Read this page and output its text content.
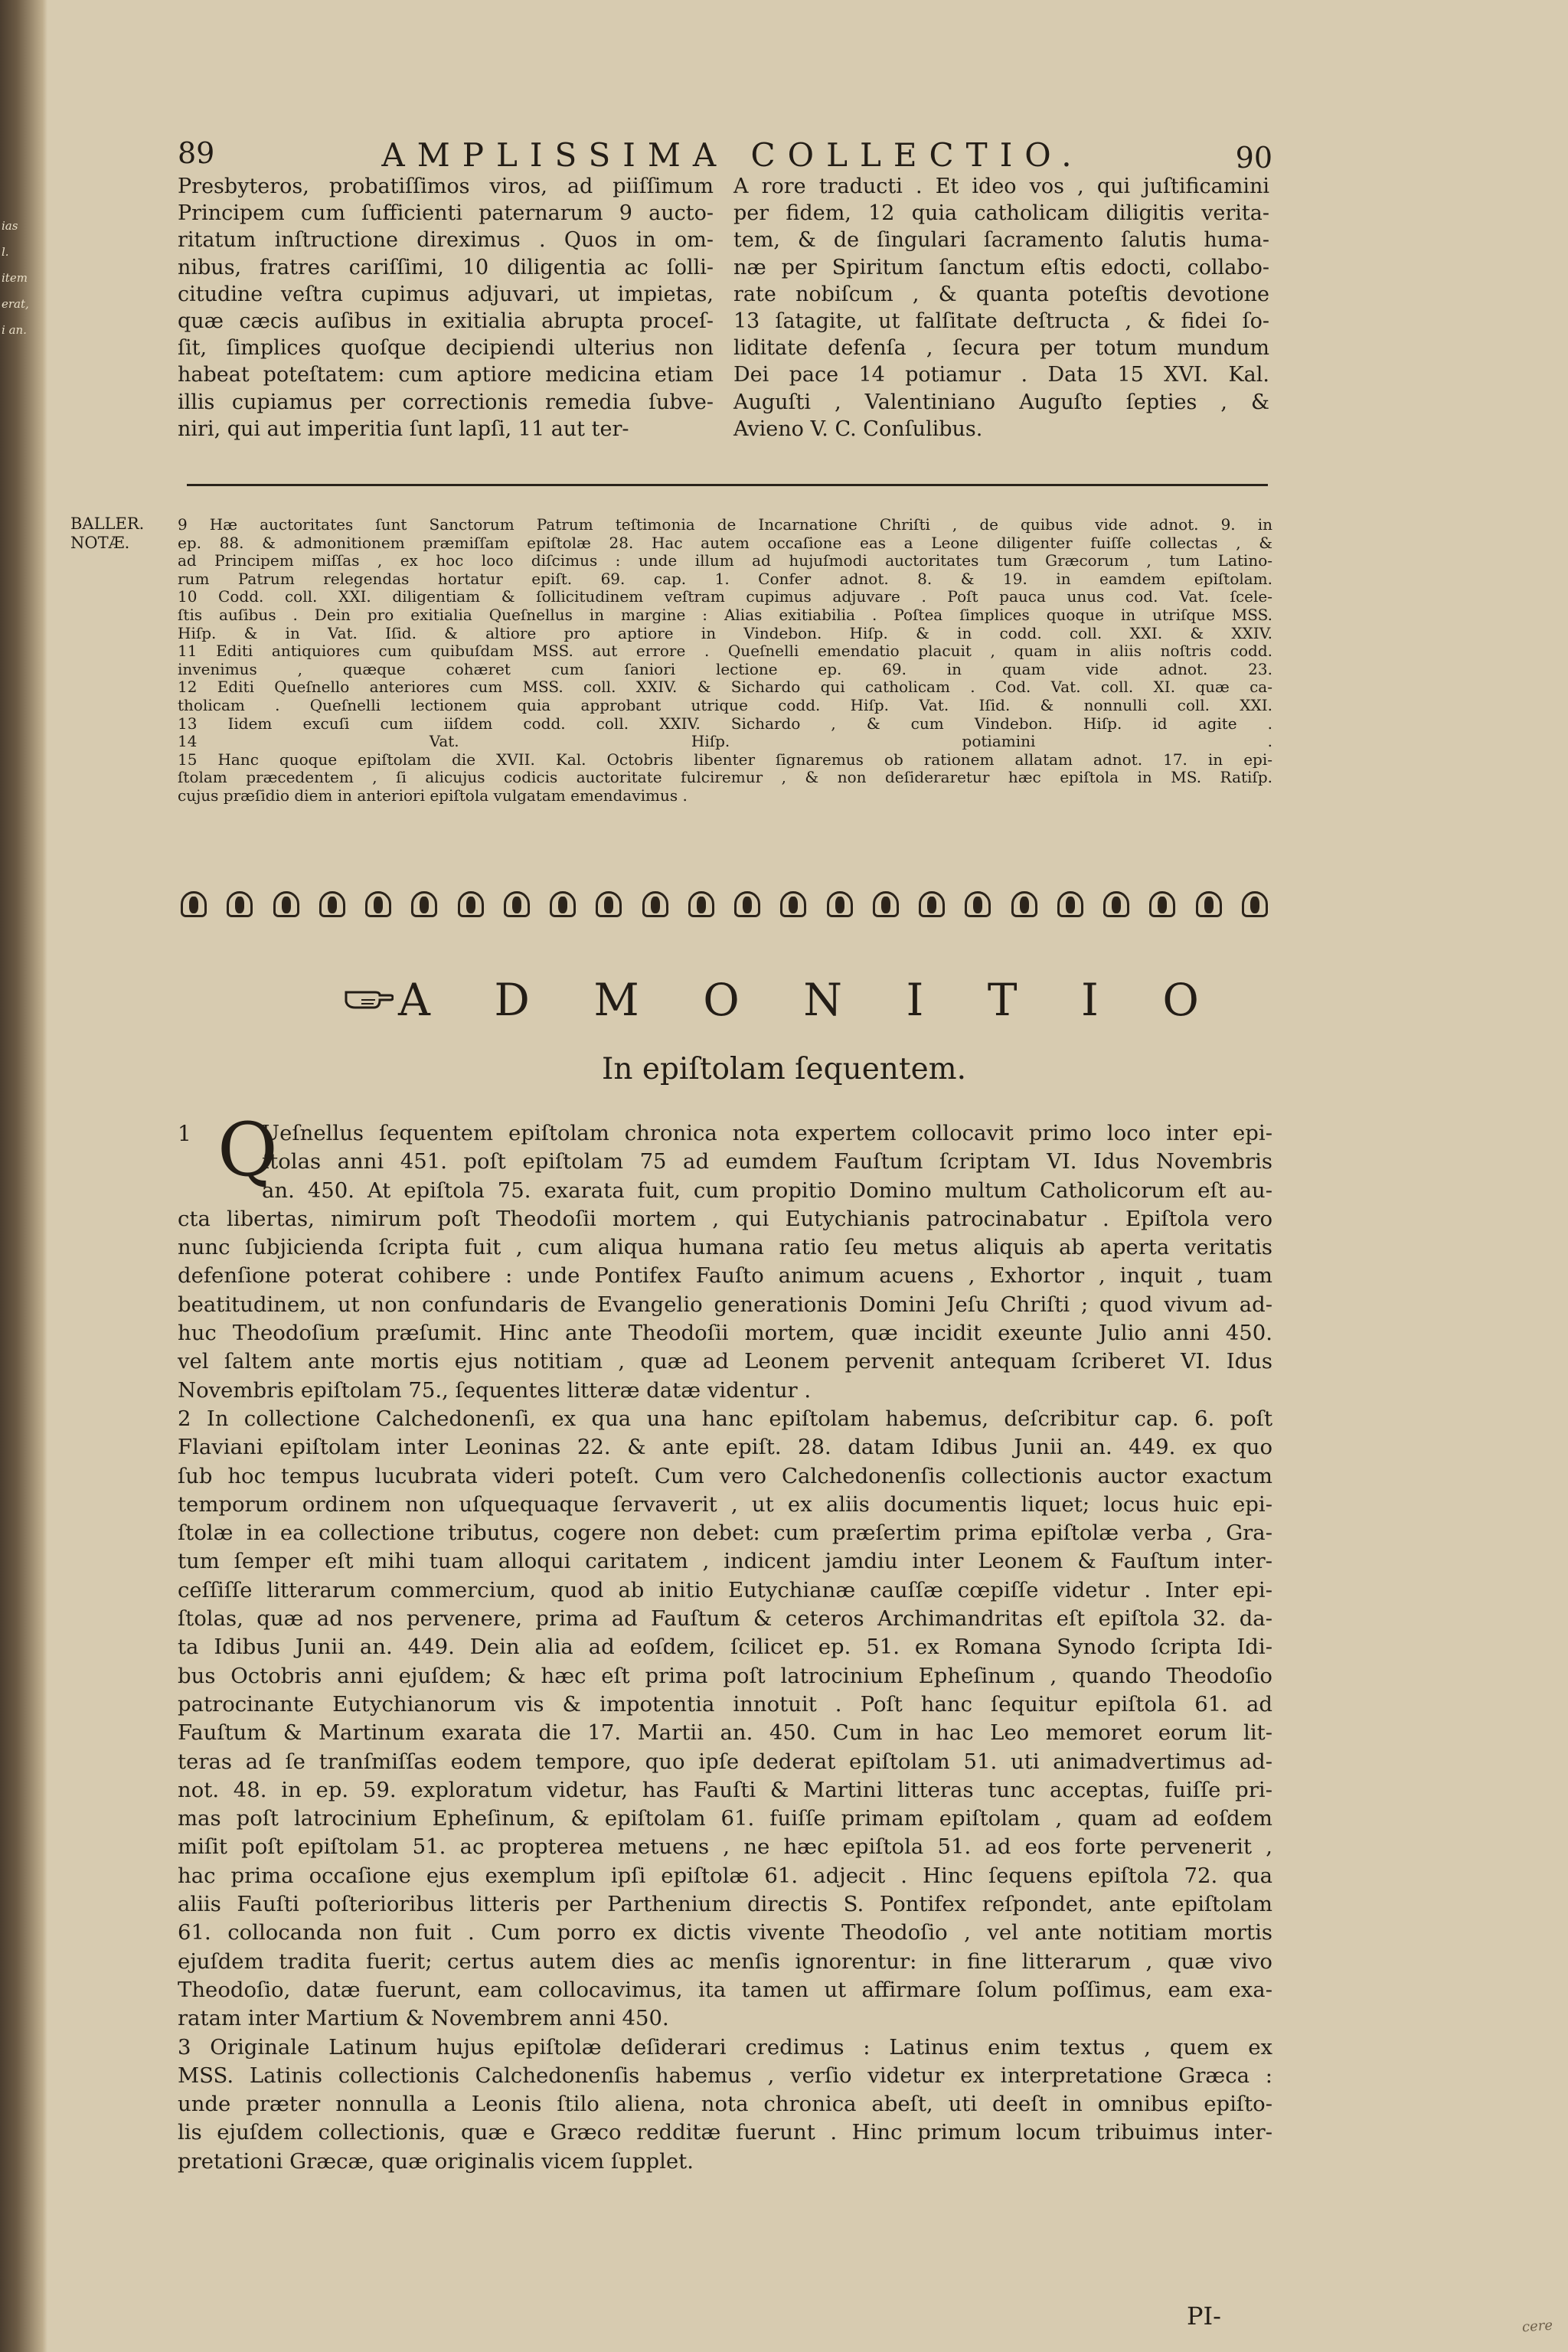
ias
l.
item
erat,
i an.
cere
89	AMPLISSIMA COLLECTIO.	90
Presbyteros, probatiſſimos viros, ad piiſſimum
Principem cum ſufficienti paternarum 9 aucto-
ritatum inſtructione direximus . Quos in om-
nibus, fratres cariſſimi, 10 diligentia ac ſolli-
citudine veſtra cupimus adjuvari, ut impietas,
quæ cæcis auſibus in exitialia abrupta proceſ-
ſit, ſimplices quoſque decipiendi ulterius non
habeat poteſtatem: cum aptiore medicina etiam
illis cupiamus per correctionis remedia ſubve-
niri, qui aut imperitia ſunt lapſi, 11 aut ter-
A rore traducti . Et ideo vos , qui juſtificamini
per fidem, 12 quia catholicam diligitis verita-
tem, & de ſingulari ſacramento ſalutis huma-
næ per Spiritum ſanctum eſtis edocti, collabo-
rate nobiſcum , & quanta poteſtis devotione
13 ſatagite, ut falſitate deſtructa , & fidei ſo-
liditate defenſa , ſecura per totum mundum
Dei pace 14 potiamur . Data 15 XVI. Kal.
Auguſti , Valentiniano Auguſto ſepties , &
Avieno V. C. Conſulibus.
BALLER.
NOTÆ.
9 Hæ auctoritates ſunt Sanctorum Patrum teſtimonia de Incarnatione Chriſti , de quibus vide adnot. 9. in
ep. 88. & admonitionem præmiſſam epiſtolæ 28. Hac autem occaſione eas a Leone diligenter fuiſſe collectas , &
ad Principem miſſas , ex hoc loco diſcimus : unde illum ad hujuſmodi auctoritates tum Græcorum , tum Latino-
rum Patrum relegendas hortatur epiſt. 69. cap. 1. Confer adnot. 8. & 19. in eamdem epiſtolam.
10 Codd. coll. XXI. diligentiam & ſollicitudinem veſtram cupimus adjuvare . Poſt pauca unus cod. Vat. ſcele-
ſtis auſibus . Dein pro exitialia Queſnellus in margine : Alias exitiabilia . Poſtea ſimplices quoque in utriſque MSS.
Hiſp. & in Vat. Iſid. & altiore pro aptiore in Vindebon. Hiſp. & in codd. coll. XXI. & XXIV.
11 Editi antiquiores cum quibuſdam MSS. aut errore . Queſnelli emendatio placuit , quam in aliis noſtris codd.
invenimus , quæque cohæret cum ſaniori lectione ep. 69. in quam vide adnot. 23.
12 Editi Queſnello anteriores cum MSS. coll. XXIV. & Sichardo qui catholicam . Cod. Vat. coll. XI. quæ ca-
tholicam . Queſnelli lectionem quia approbant utrique codd. Hiſp. Vat. Iſid. & nonnulli coll. XXI.
13 Iidem excuſi cum iiſdem codd. coll. XXIV. Sichardo , & cum Vindebon. Hiſp. id agite .
14 Vat. Hiſp. potiamini .
15 Hanc quoque epiſtolam die XVII. Kal. Octobris libenter ſignaremus ob rationem allatam adnot. 17. in epi-
ſtolam præcedentem , ſi alicujus codicis auctoritate fulciremur , & non deſideraretur hæc epiſtola in MS. Ratiſp.
cujus præſidio diem in anteriori epiſtola vulgatam emendavimus .
A D M O N I T I O
In epiſtolam ſequentem.
1 Q
Ueſnellus ſequentem epiſtolam chronica nota expertem collocavit primo loco inter epi-
ſtolas anni 451. poſt epiſtolam 75 ad eumdem Fauſtum ſcriptam VI. Idus Novembris
an. 450. At epiſtola 75. exarata fuit, cum propitio Domino multum Catholicorum eſt au-
cta libertas, nimirum poſt Theodoſii mortem , qui Eutychianis patrocinabatur . Epiſtola vero
nunc ſubjicienda ſcripta fuit , cum aliqua humana ratio ſeu metus aliquis ab aperta veritatis
defenſione poterat cohibere : unde Pontifex Fauſto animum acuens , Exhortor , inquit , tuam
beatitudinem, ut non confundaris de Evangelio generationis Domini Jeſu Chriſti ; quod vivum ad-
huc Theodoſium præſumit. Hinc ante Theodoſii mortem, quæ incidit exeunte Julio anni 450.
vel ſaltem ante mortis ejus notitiam , quæ ad Leonem pervenit antequam ſcriberet VI. Idus
Novembris epiſtolam 75., ſequentes litteræ datæ videntur .
2 In collectione Calchedonenſi, ex qua una hanc epiſtolam habemus, deſcribitur cap. 6. poſt
Flaviani epiſtolam inter Leoninas 22. & ante epiſt. 28. datam Idibus Junii an. 449. ex quo
ſub hoc tempus lucubrata videri poteſt. Cum vero Calchedonenſis collectionis auctor exactum
temporum ordinem non uſquequaque ſervaverit , ut ex aliis documentis liquet; locus huic epi-
ſtolæ in ea collectione tributus, cogere non debet: cum præſertim prima epiſtolæ verba , Gra-
tum ſemper eſt mihi tuam alloqui caritatem , indicent jamdiu inter Leonem & Fauſtum inter-
ceſſiſſe litterarum commercium, quod ab initio Eutychianæ cauſſæ cœpiſſe videtur . Inter epi-
ſtolas, quæ ad nos pervenere, prima ad Fauſtum & ceteros Archimandritas eſt epiſtola 32. da-
ta Idibus Junii an. 449. Dein alia ad eoſdem, ſcilicet ep. 51. ex Romana Synodo ſcripta Idi-
bus Octobris anni ejuſdem; & hæc eſt prima poſt latrocinium Epheſinum , quando Theodoſio
patrocinante Eutychianorum vis & impotentia innotuit . Poſt hanc ſequitur epiſtola 61. ad
Fauſtum & Martinum exarata die 17. Martii an. 450. Cum in hac Leo memoret eorum lit-
teras ad ſe tranſmiſſas eodem tempore, quo ipſe dederat epiſtolam 51. uti animadvertimus ad-
not. 48. in ep. 59. exploratum videtur, has Fauſti & Martini litteras tunc acceptas, fuiſſe pri-
mas poſt latrocinium Epheſinum, & epiſtolam 61. fuiſſe primam epiſtolam , quam ad eoſdem
miſit poſt epiſtolam 51. ac propterea metuens , ne hæc epiſtola 51. ad eos forte pervenerit ,
hac prima occaſione ejus exemplum ipſi epiſtolæ 61. adjecit . Hinc ſequens epiſtola 72. qua
aliis Fauſti poſterioribus litteris per Parthenium directis S. Pontifex reſpondet, ante epiſtolam
61. collocanda non fuit . Cum porro ex dictis vivente Theodoſio , vel ante notitiam mortis
ejuſdem tradita fuerit; certus autem dies ac menſis ignorentur: in fine litterarum , quæ vivo
Theodoſio, datæ fuerunt, eam collocavimus, ita tamen ut affirmare ſolum poſſimus, eam exa-
ratam inter Martium & Novembrem anni 450.
3 Originale Latinum hujus epiſtolæ deſiderari credimus : Latinus enim textus , quem ex
MSS. Latinis collectionis Calchedonenſis habemus , verſio videtur ex interpretatione Græca :
unde præter nonnulla a Leonis ſtilo aliena, nota chronica abeſt, uti deeſt in omnibus epiſto-
lis ejuſdem collectionis, quæ e Græco redditæ fuerunt . Hinc primum locum tribuimus inter-
pretationi Græcæ, quæ originalis vicem ſupplet.
PI-
